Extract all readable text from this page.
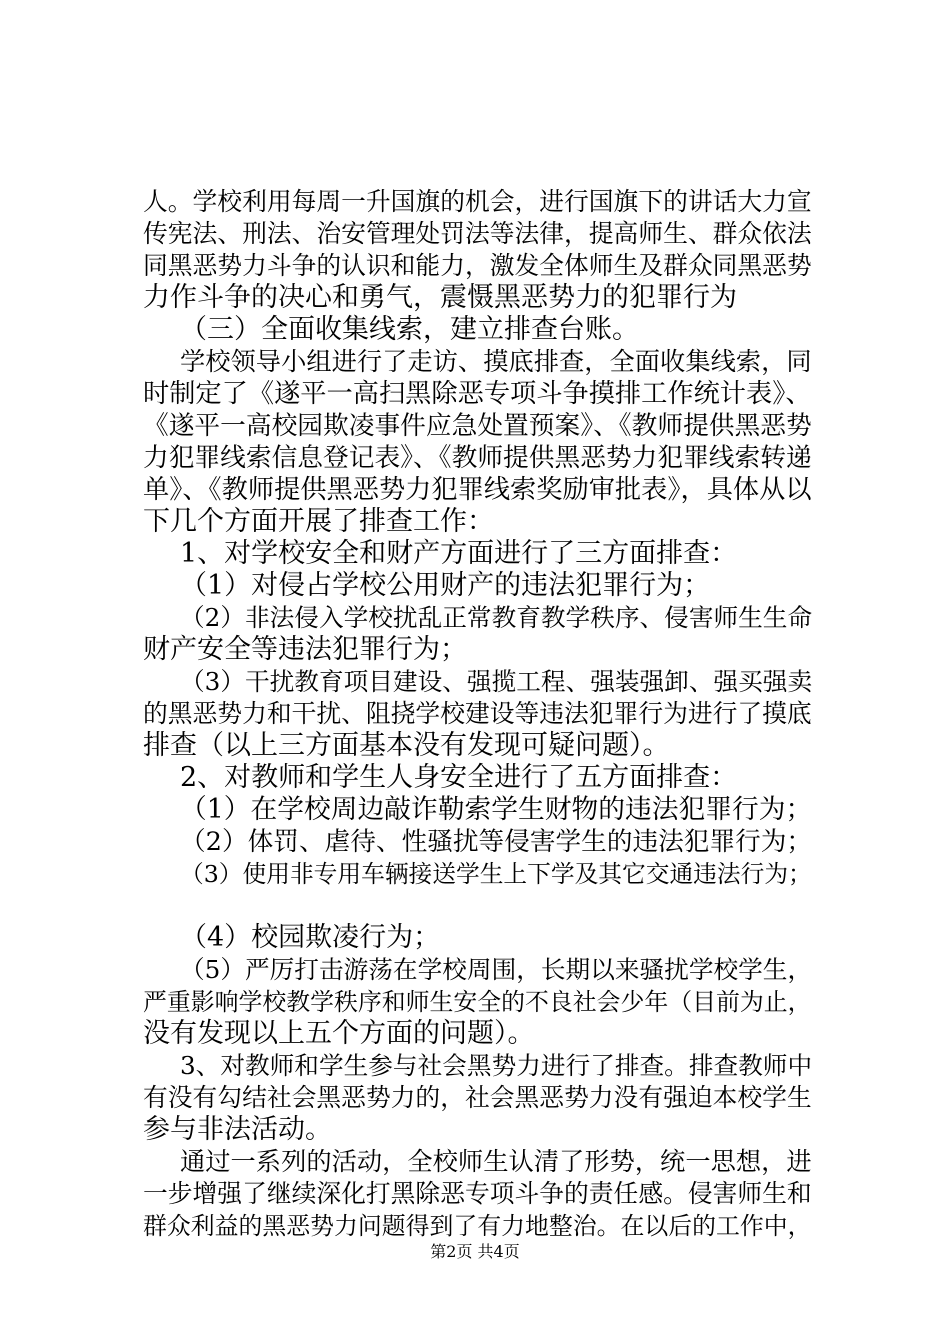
人。学校利用每周一升国旗的机会，进行国旗下的讲话大力宣
传宪法、刑法、治安管理处罚法等法律，提高师生、群众依法
同黑恶势力斗争的认识和能力，激发全体师生及群众同黑恶势
力作斗争的决心和勇气，震慑黑恶势力的犯罪行为
（三）全面收集线索，建立排查台账。
学校领导小组进行了走访、摸底排查，全面收集线索，同
时制定了《遂平一高扫黑除恶专项斗争摸排工作统计表》、
《遂平一高校园欺凌事件应急处置预案》、《教师提供黑恶势
力犯罪线索信息登记表》、《教师提供黑恶势力犯罪线索转递
单》、《教师提供黑恶势力犯罪线索奖励审批表》，具体从以
下几个方面开展了排查工作：
1、对学校安全和财产方面进行了三方面排查：
（1）对侵占学校公用财产的违法犯罪行为；
（2）非法侵入学校扰乱正常教育教学秩序、侵害师生生命
财产安全等违法犯罪行为；
（3）干扰教育项目建设、强揽工程、强装强卸、强买强卖
的黑恶势力和干扰、阻挠学校建设等违法犯罪行为进行了摸底
排查（以上三方面基本没有发现可疑问题）。
2、对教师和学生人身安全进行了五方面排查：
（1）在学校周边敲诈勒索学生财物的违法犯罪行为；
（2）体罚、虐待、性骚扰等侵害学生的违法犯罪行为；
（3）使用非专用车辆接送学生上下学及其它交通违法行为；
（4）校园欺凌行为；
（5）严厉打击游荡在学校周围，长期以来骚扰学校学生，
严重影响学校教学秩序和师生安全的不良社会少年（目前为止，
没有发现以上五个方面的问题）。
3、对教师和学生参与社会黑势力进行了排查。排查教师中
有没有勾结社会黑恶势力的，社会黑恶势力没有强迫本校学生
参与非法活动。
通过一系列的活动，全校师生认清了形势，统一思想，进
一步增强了继续深化打黑除恶专项斗争的责任感。侵害师生和
群众利益的黑恶势力问题得到了有力地整治。在以后的工作中，
第2页 共4页
